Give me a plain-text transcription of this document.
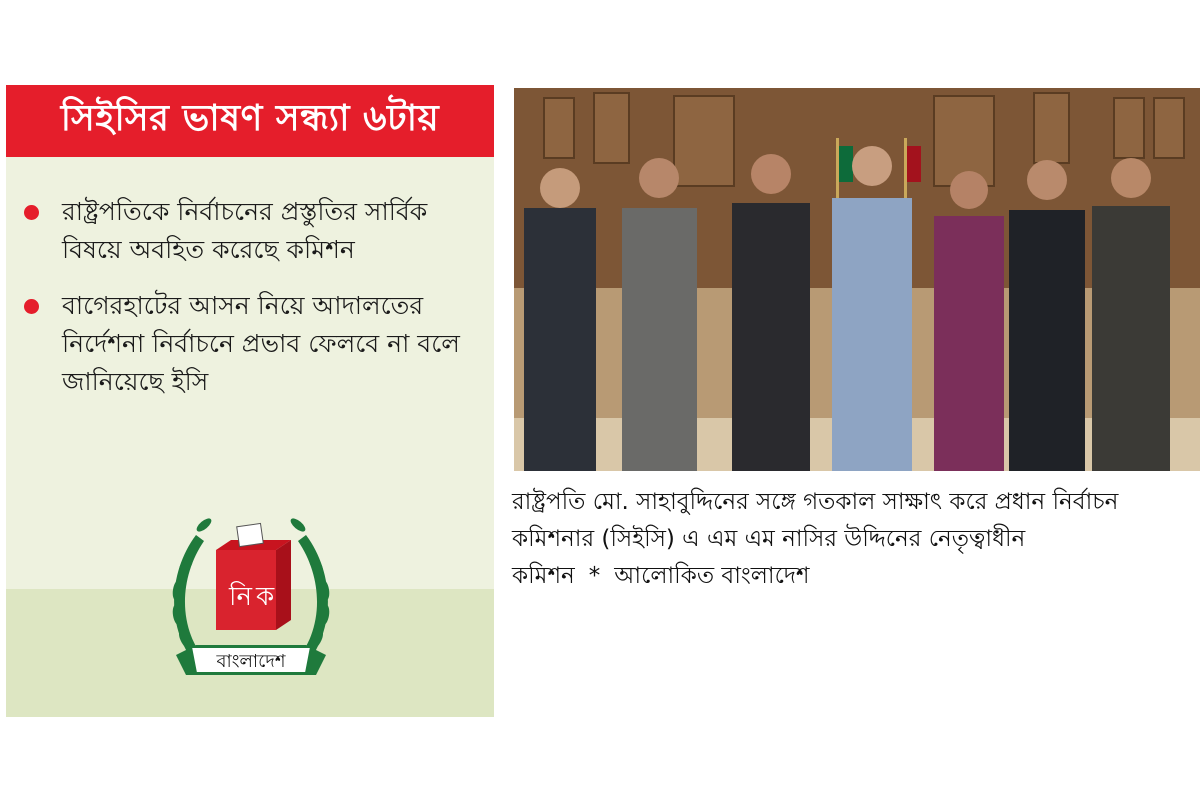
সিইসির ভাষণ সন্ধ্যা ৬টায়
রাষ্ট্রপতিকে নির্বাচনের প্রস্তুতির সার্বিক বিষয়ে অবহিত করেছে কমিশন
বাগেরহাটের আসন নিয়ে আদালতের নির্দেশনা নির্বাচনে প্রভাব ফেলবে না বলে জানিয়েছে ইসি
নি ক
বাংলাদেশ

রাষ্ট্রপতি মো. সাহাবুদ্দিনের সঙ্গে গতকাল সাক্ষাৎ করে প্রধান নির্বাচন কমিশনার (সিইসি) এ এম এম নাসির উদ্দিনের নেতৃত্বাধীন কমিশন * আলোকিত বাংলাদেশ
